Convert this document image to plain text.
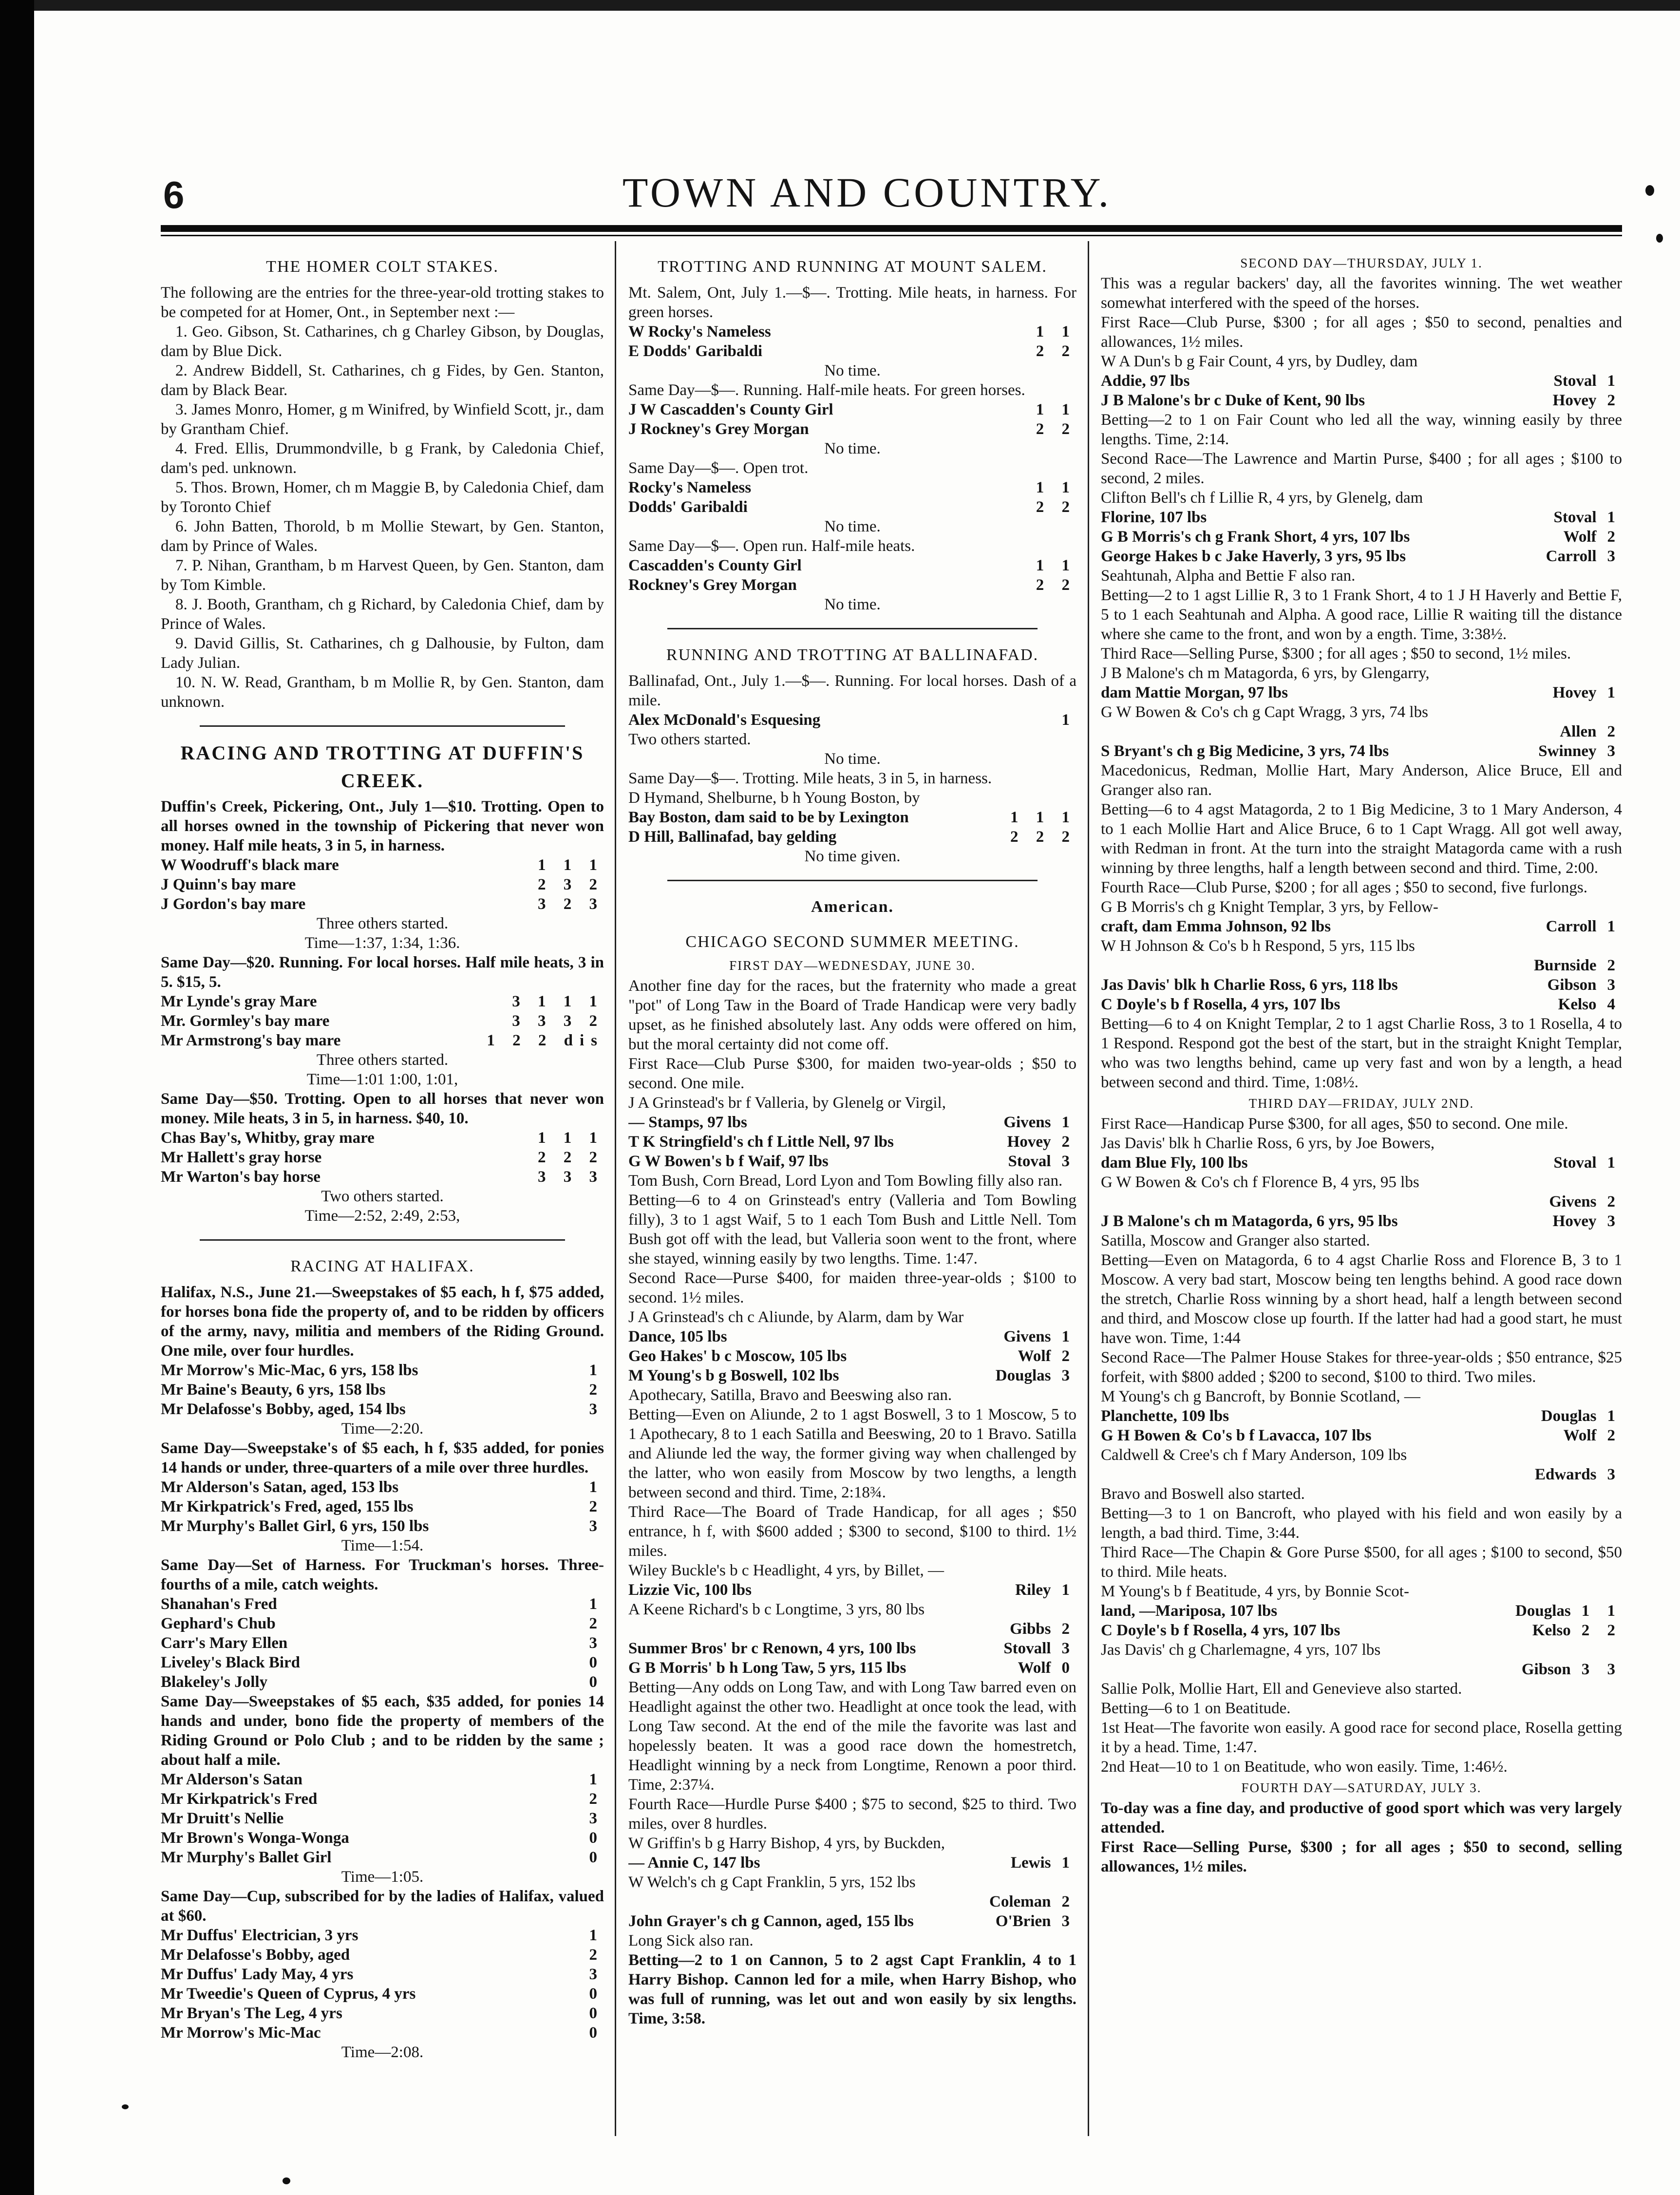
6	TOWN AND COUNTRY.
THE HOMER COLT STAKES.

The following are the entries for the three-year-old trotting stakes to be competed for at Homer, Ont., in September next :—

1. Geo. Gibson, St. Catharines, ch g Charley Gibson, by Douglas, dam by Blue Dick.

2. Andrew Biddell, St. Catharines, ch g Fides, by Gen. Stanton, dam by Black Bear.

3. James Monro, Homer, g m Winifred, by Winfield Scott, jr., dam by Grantham Chief.

4. Fred. Ellis, Drummondville, b g Frank, by Caledonia Chief, dam's ped. unknown.

5. Thos. Brown, Homer, ch m Maggie B, by Caledonia Chief, dam by Toronto Chief

6. John Batten, Thorold, b m Mollie Stewart, by Gen. Stanton, dam by Prince of Wales.

7. P. Nihan, Grantham, b m Harvest Queen, by Gen. Stanton, dam by Tom Kimble.

8. J. Booth, Grantham, ch g Richard, by Caledonia Chief, dam by Prince of Wales.

9. David Gillis, St. Catharines, ch g Dalhousie, by Fulton, dam Lady Julian.

10. N. W. Read, Grantham, b m Mollie R, by Gen. Stanton, dam unknown.

RACING AND TROTTING AT DUFFIN'S
CREEK.

Duffin's Creek, Pickering, Ont., July 1—$10. Trotting. Open to all horses owned in the township of Pickering that never won money. Half mile heats, 3 in 5, in harness.

W Woodruff's black mare	1 1 1
J Quinn's bay mare	2 3 2
J Gordon's bay mare	3 2 3

Three others started.

Time—1:37, 1:34, 1:36.

Same Day—$20. Running. For local horses. Half mile heats, 3 in 5. $15, 5.

Mr Lynde's gray Mare	3 1 1 1
Mr. Gormley's bay mare	3 3 3 2
Mr Armstrong's bay mare	1 2 2 dis

Three others started.

Time—1:01 1:00, 1:01,

Same Day—$50. Trotting. Open to all horses that never won money. Mile heats, 3 in 5, in harness. $40, 10.

Chas Bay's, Whitby, gray mare	1 1 1
Mr Hallett's gray horse	2 2 2
Mr Warton's bay horse	3 3 3

Two others started.

Time—2:52, 2:49, 2:53,

RACING AT HALIFAX.

Halifax, N.S., June 21.—Sweepstakes of $5 each, h f, $75 added, for horses bona fide the property of, and to be ridden by officers of the army, navy, militia and members of the Riding Ground. One mile, over four hurdles.

Mr Morrow's Mic-Mac, 6 yrs, 158 lbs	1
Mr Baine's Beauty, 6 yrs, 158 lbs	2
Mr Delafosse's Bobby, aged, 154 lbs	3

Time—2:20.

Same Day—Sweepstake's of $5 each, h f, $35 added, for ponies 14 hands or under, three-quarters of a mile over three hurdles.

Mr Alderson's Satan, aged, 153 lbs	1
Mr Kirkpatrick's Fred, aged, 155 lbs	2
Mr Murphy's Ballet Girl, 6 yrs, 150 lbs	3

Time—1:54.

Same Day—Set of Harness. For Truckman's horses. Three-fourths of a mile, catch weights.

Shanahan's Fred	1
Gephard's Chub	2
Carr's Mary Ellen	3
Liveley's Black Bird	0
Blakeley's Jolly	0

Same Day—Sweepstakes of $5 each, $35 added, for ponies 14 hands and under, bono fide the property of members of the Riding Ground or Polo Club ; and to be ridden by the same ; about half a mile.

Mr Alderson's Satan	1
Mr Kirkpatrick's Fred	2
Mr Druitt's Nellie	3
Mr Brown's Wonga-Wonga	0
Mr Murphy's Ballet Girl	0

Time—1:05.

Same Day—Cup, subscribed for by the ladies of Halifax, valued at $60.

Mr Duffus' Electrician, 3 yrs	1
Mr Delafosse's Bobby, aged	2
Mr Duffus' Lady May, 4 yrs	3
Mr Tweedie's Queen of Cyprus, 4 yrs	0
Mr Bryan's The Leg, 4 yrs	0
Mr Morrow's Mic-Mac	0

Time—2:08.

TROTTING AND RUNNING AT MOUNT SALEM.

Mt. Salem, Ont, July 1.—$—. Trotting. Mile heats, in harness. For green horses.

W Rocky's Nameless	1 1
E Dodds' Garibaldi	2 2

No time.

Same Day—$—. Running. Half-mile heats. For green horses.

J W Cascadden's County Girl	1 1
J Rockney's Grey Morgan	2 2

No time.

Same Day—$—. Open trot.

Rocky's Nameless	1 1
Dodds' Garibaldi	2 2

No time.

Same Day—$—. Open run. Half-mile heats.

Cascadden's County Girl	1 1
Rockney's Grey Morgan	2 2

No time.

RUNNING AND TROTTING AT BALLINAFAD.

Ballinafad, Ont., July 1.—$—. Running. For local horses. Dash of a mile.

Alex McDonald's Esquesing	1

Two others started.

No time.

Same Day—$—. Trotting. Mile heats, 3 in 5, in harness.

D Hymand, Shelburne, b h Young Boston, by

Bay Boston, dam said to be by Lexington	1 1 1
D Hill, Ballinafad, bay gelding	2 2 2

No time given.

American.
CHICAGO SECOND SUMMER MEETING.
FIRST DAY—WEDNESDAY, JUNE 30.

Another fine day for the races, but the fraternity who made a great "pot" of Long Taw in the Board of Trade Handicap were very badly upset, as he finished absolutely last. Any odds were offered on him, but the moral certainty did not come off.

First Race—Club Purse $300, for maiden two-year-olds ; $50 to second. One mile.

J A Grinstead's br f Valleria, by Glenelg or Virgil,

— Stamps, 97 lbs	Givens 1
T K Stringfield's ch f Little Nell, 97 lbs	Hovey 2
G W Bowen's b f Waif, 97 lbs	Stoval 3

Tom Bush, Corn Bread, Lord Lyon and Tom Bowling filly also ran.

Betting—6 to 4 on Grinstead's entry (Valleria and Tom Bowling filly), 3 to 1 agst Waif, 5 to 1 each Tom Bush and Little Nell. Tom Bush got off with the lead, but Valleria soon went to the front, where she stayed, winning easily by two lengths. Time. 1:47.

Second Race—Purse $400, for maiden three-year-olds ; $100 to second. 1½ miles.

J A Grinstead's ch c Aliunde, by Alarm, dam by War

Dance, 105 lbs	Givens 1
Geo Hakes' b c Moscow, 105 lbs	Wolf 2
M Young's b g Boswell, 102 lbs	Douglas 3

Apothecary, Satilla, Bravo and Beeswing also ran.

Betting—Even on Aliunde, 2 to 1 agst Boswell, 3 to 1 Moscow, 5 to 1 Apothecary, 8 to 1 each Satilla and Beeswing, 20 to 1 Bravo. Satilla and Aliunde led the way, the former giving way when challenged by the latter, who won easily from Moscow by two lengths, a length between second and third. Time, 2:18¾.

Third Race—The Board of Trade Handicap, for all ages ; $50 entrance, h f, with $600 added ; $300 to second, $100 to third. 1½ miles.

Wiley Buckle's b c Headlight, 4 yrs, by Billet, —

Lizzie Vic, 100 lbs	Riley 1

A Keene Richard's b c Longtime, 3 yrs, 80 lbs

Gibbs 2
Summer Bros' br c Renown, 4 yrs, 100 lbs	Stovall 3
G B Morris' b h Long Taw, 5 yrs, 115 lbs	Wolf 0

Betting—Any odds on Long Taw, and with Long Taw barred even on Headlight against the other two. Headlight at once took the lead, with Long Taw second. At the end of the mile the favorite was last and hopelessly beaten. It was a good race down the homestretch, Headlight winning by a neck from Longtime, Renown a poor third. Time, 2:37¼.

Fourth Race—Hurdle Purse $400 ; $75 to second, $25 to third. Two miles, over 8 hurdles.

W Griffin's b g Harry Bishop, 4 yrs, by Buckden,

— Annie C, 147 lbs	Lewis 1

W Welch's ch g Capt Franklin, 5 yrs, 152 lbs

Coleman 2
John Grayer's ch g Cannon, aged, 155 lbs	O'Brien 3

Long Sick also ran.

Betting—2 to 1 on Cannon, 5 to 2 agst Capt Franklin, 4 to 1 Harry Bishop. Cannon led for a mile, when Harry Bishop, who was full of running, was let out and won easily by six lengths. Time, 3:58.

SECOND DAY—THURSDAY, JULY 1.

This was a regular backers' day, all the favorites winning. The wet weather somewhat interfered with the speed of the horses.

First Race—Club Purse, $300 ; for all ages ; $50 to second, penalties and allowances, 1½ miles.

W A Dun's b g Fair Count, 4 yrs, by Dudley, dam

Addie, 97 lbs	Stoval 1
J B Malone's br c Duke of Kent, 90 lbs	Hovey 2

Betting—2 to 1 on Fair Count who led all the way, winning easily by three lengths. Time, 2:14.

Second Race—The Lawrence and Martin Purse, $400 ; for all ages ; $100 to second, 2 miles.

Clifton Bell's ch f Lillie R, 4 yrs, by Glenelg, dam

Florine, 107 lbs	Stoval 1
G B Morris's ch g Frank Short, 4 yrs, 107 lbs	Wolf 2
George Hakes b c Jake Haverly, 3 yrs, 95 lbs	Carroll 3

Seahtunah, Alpha and Bettie F also ran.

Betting—2 to 1 agst Lillie R, 3 to 1 Frank Short, 4 to 1 J H Haverly and Bettie F, 5 to 1 each Seahtunah and Alpha. A good race, Lillie R waiting till the distance where she came to the front, and won by a ength. Time, 3:38½.

Third Race—Selling Purse, $300 ; for all ages ; $50 to second, 1½ miles.

J B Malone's ch m Matagorda, 6 yrs, by Glengarry,

dam Mattie Morgan, 97 lbs	Hovey 1

G W Bowen & Co's ch g Capt Wragg, 3 yrs, 74 lbs

Allen 2
S Bryant's ch g Big Medicine, 3 yrs, 74 lbs	Swinney 3

Macedonicus, Redman, Mollie Hart, Mary Anderson, Alice Bruce, Ell and Granger also ran.

Betting—6 to 4 agst Matagorda, 2 to 1 Big Medicine, 3 to 1 Mary Anderson, 4 to 1 each Mollie Hart and Alice Bruce, 6 to 1 Capt Wragg. All got well away, with Redman in front. At the turn into the straight Matagorda came with a rush winning by three lengths, half a length between second and third. Time, 2:00.

Fourth Race—Club Purse, $200 ; for all ages ; $50 to second, five furlongs.

G B Morris's ch g Knight Templar, 3 yrs, by Fellow-

craft, dam Emma Johnson, 92 lbs	Carroll 1

W H Johnson & Co's b h Respond, 5 yrs, 115 lbs

Burnside 2
Jas Davis' blk h Charlie Ross, 6 yrs, 118 lbs	Gibson 3
C Doyle's b f Rosella, 4 yrs, 107 lbs	Kelso 4

Betting—6 to 4 on Knight Templar, 2 to 1 agst Charlie Ross, 3 to 1 Rosella, 4 to 1 Respond. Respond got the best of the start, but in the straight Knight Templar, who was two lengths behind, came up very fast and won by a length, a head between second and third. Time, 1:08½.

THIRD DAY—FRIDAY, JULY 2ND.

First Race—Handicap Purse $300, for all ages, $50 to second. One mile.

Jas Davis' blk h Charlie Ross, 6 yrs, by Joe Bowers,

dam Blue Fly, 100 lbs	Stoval 1

G W Bowen & Co's ch f Florence B, 4 yrs, 95 lbs

Givens 2
J B Malone's ch m Matagorda, 6 yrs, 95 lbs	Hovey 3

Satilla, Moscow and Granger also started.

Betting—Even on Matagorda, 6 to 4 agst Charlie Ross and Florence B, 3 to 1 Moscow. A very bad start, Moscow being ten lengths behind. A good race down the stretch, Charlie Ross winning by a short head, half a length between second and third, and Moscow close up fourth. If the latter had had a good start, he must have won. Time, 1:44

Second Race—The Palmer House Stakes for three-year-olds ; $50 entrance, $25 forfeit, with $800 added ; $200 to second, $100 to third. Two miles.

M Young's ch g Bancroft, by Bonnie Scotland, —

Planchette, 109 lbs	Douglas 1
G H Bowen & Co's b f Lavacca, 107 lbs	Wolf 2

Caldwell & Cree's ch f Mary Anderson, 109 lbs

Edwards 3

Bravo and Boswell also started.

Betting—3 to 1 on Bancroft, who played with his field and won easily by a length, a bad third. Time, 3:44.

Third Race—The Chapin & Gore Purse $500, for all ages ; $100 to second, $50 to third. Mile heats.

M Young's b f Beatitude, 4 yrs, by Bonnie Scot-

land, —Mariposa, 107 lbs	Douglas 1 1
C Doyle's b f Rosella, 4 yrs, 107 lbs	Kelso 2 2

Jas Davis' ch g Charlemagne, 4 yrs, 107 lbs

Gibson 3 3

Sallie Polk, Mollie Hart, Ell and Genevieve also started.

Betting—6 to 1 on Beatitude.

1st Heat—The favorite won easily. A good race for second place, Rosella getting it by a head. Time, 1:47.

2nd Heat—10 to 1 on Beatitude, who won easily. Time, 1:46½.

FOURTH DAY—SATURDAY, JULY 3.

To-day was a fine day, and productive of good sport which was very largely attended.

First Race—Selling Purse, $300 ; for all ages ; $50 to second, selling allowances, 1½ miles.
